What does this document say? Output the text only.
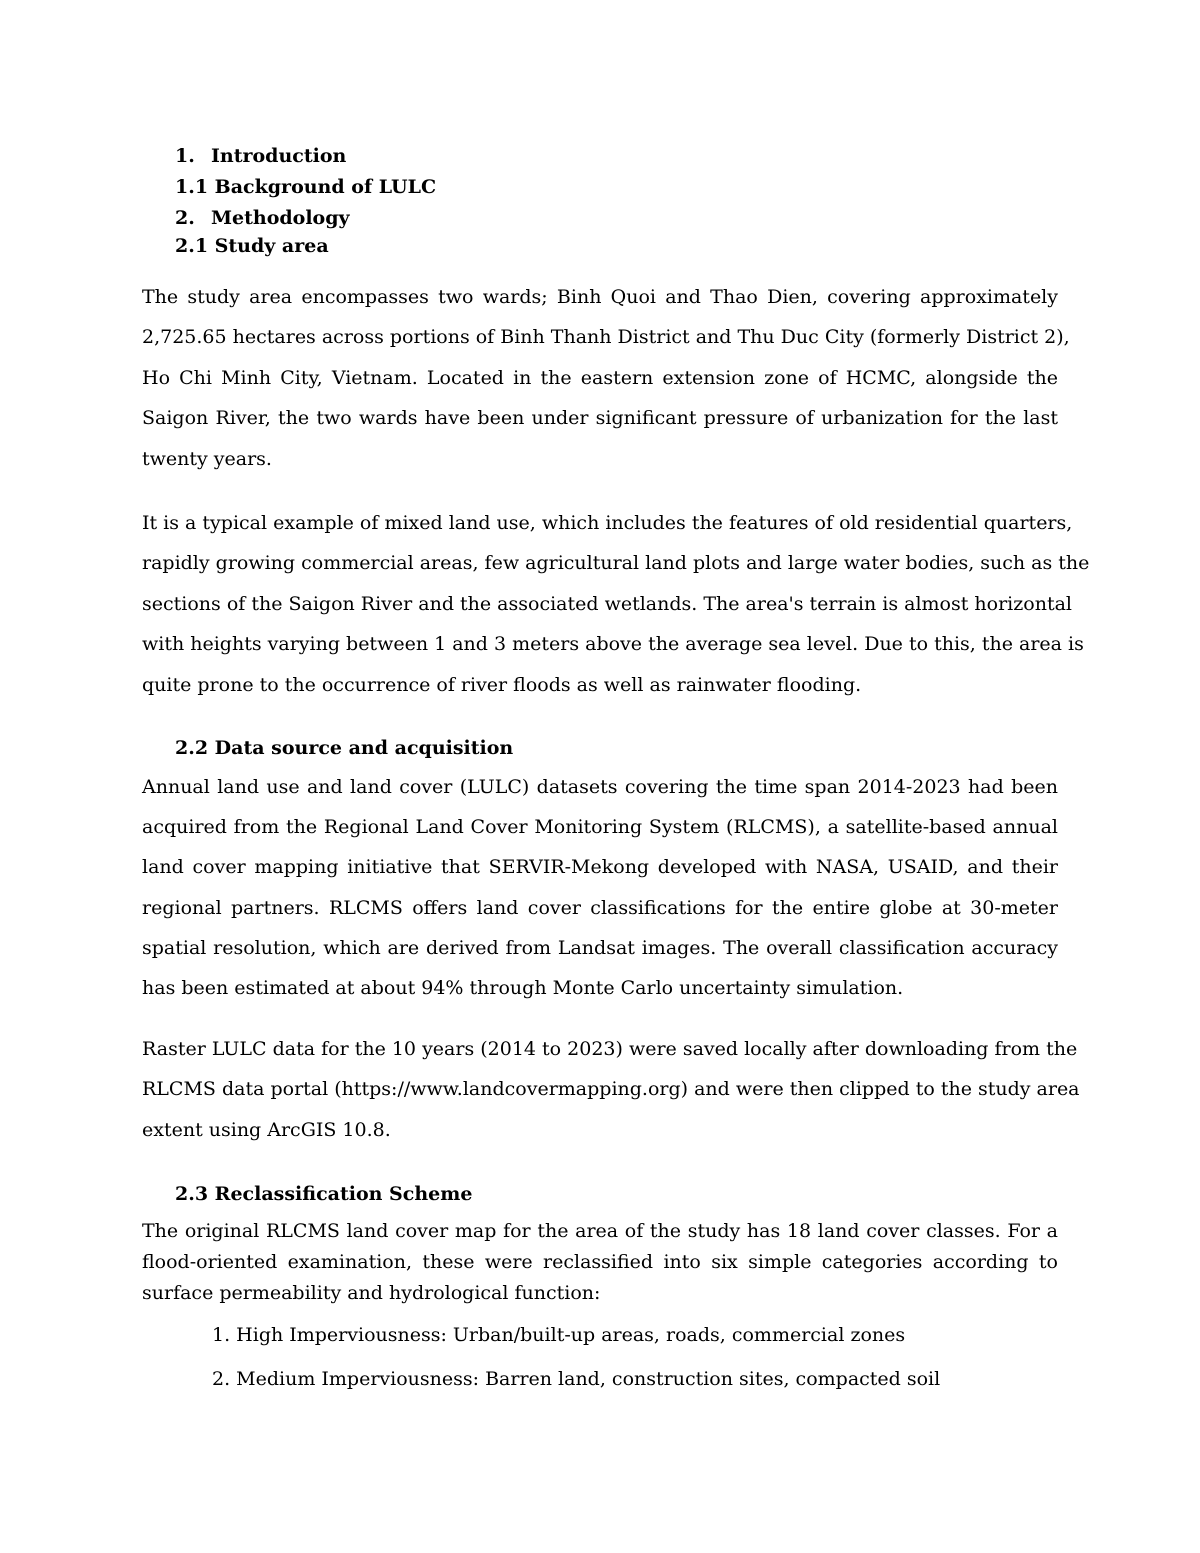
1. Introduction
1.1 Background of LULC
2. Methodology
2.1 Study area
The study area encompasses two wards; Binh Quoi and Thao Dien, covering approximately
2,725.65 hectares across portions of Binh Thanh District and Thu Duc City (formerly District 2),
Ho Chi Minh City, Vietnam. Located in the eastern extension zone of HCMC, alongside the
Saigon River, the two wards have been under significant pressure of urbanization for the last
twenty years.
It is a typical example of mixed land use, which includes the features of old residential quarters,
rapidly growing commercial areas, few agricultural land plots and large water bodies, such as the
sections of the Saigon River and the associated wetlands. The area's terrain is almost horizontal
with heights varying between 1 and 3 meters above the average sea level. Due to this, the area is
quite prone to the occurrence of river floods as well as rainwater flooding.
2.2 Data source and acquisition
Annual land use and land cover (LULC) datasets covering the time span 2014-2023 had been
acquired from the Regional Land Cover Monitoring System (RLCMS), a satellite-based annual
land cover mapping initiative that SERVIR-Mekong developed with NASA, USAID, and their
regional partners. RLCMS offers land cover classifications for the entire globe at 30-meter
spatial resolution, which are derived from Landsat images. The overall classification accuracy
has been estimated at about 94% through Monte Carlo uncertainty simulation.
Raster LULC data for the 10 years (2014 to 2023) were saved locally after downloading from the
RLCMS data portal (https://www.landcovermapping.org) and were then clipped to the study area
extent using ArcGIS 10.8.
2.3 Reclassification Scheme
The original RLCMS land cover map for the area of the study has 18 land cover classes. For a
flood-oriented examination, these were reclassified into six simple categories according to
surface permeability and hydrological function:
1. High Imperviousness: Urban/built-up areas, roads, commercial zones
2. Medium Imperviousness: Barren land, construction sites, compacted soil
